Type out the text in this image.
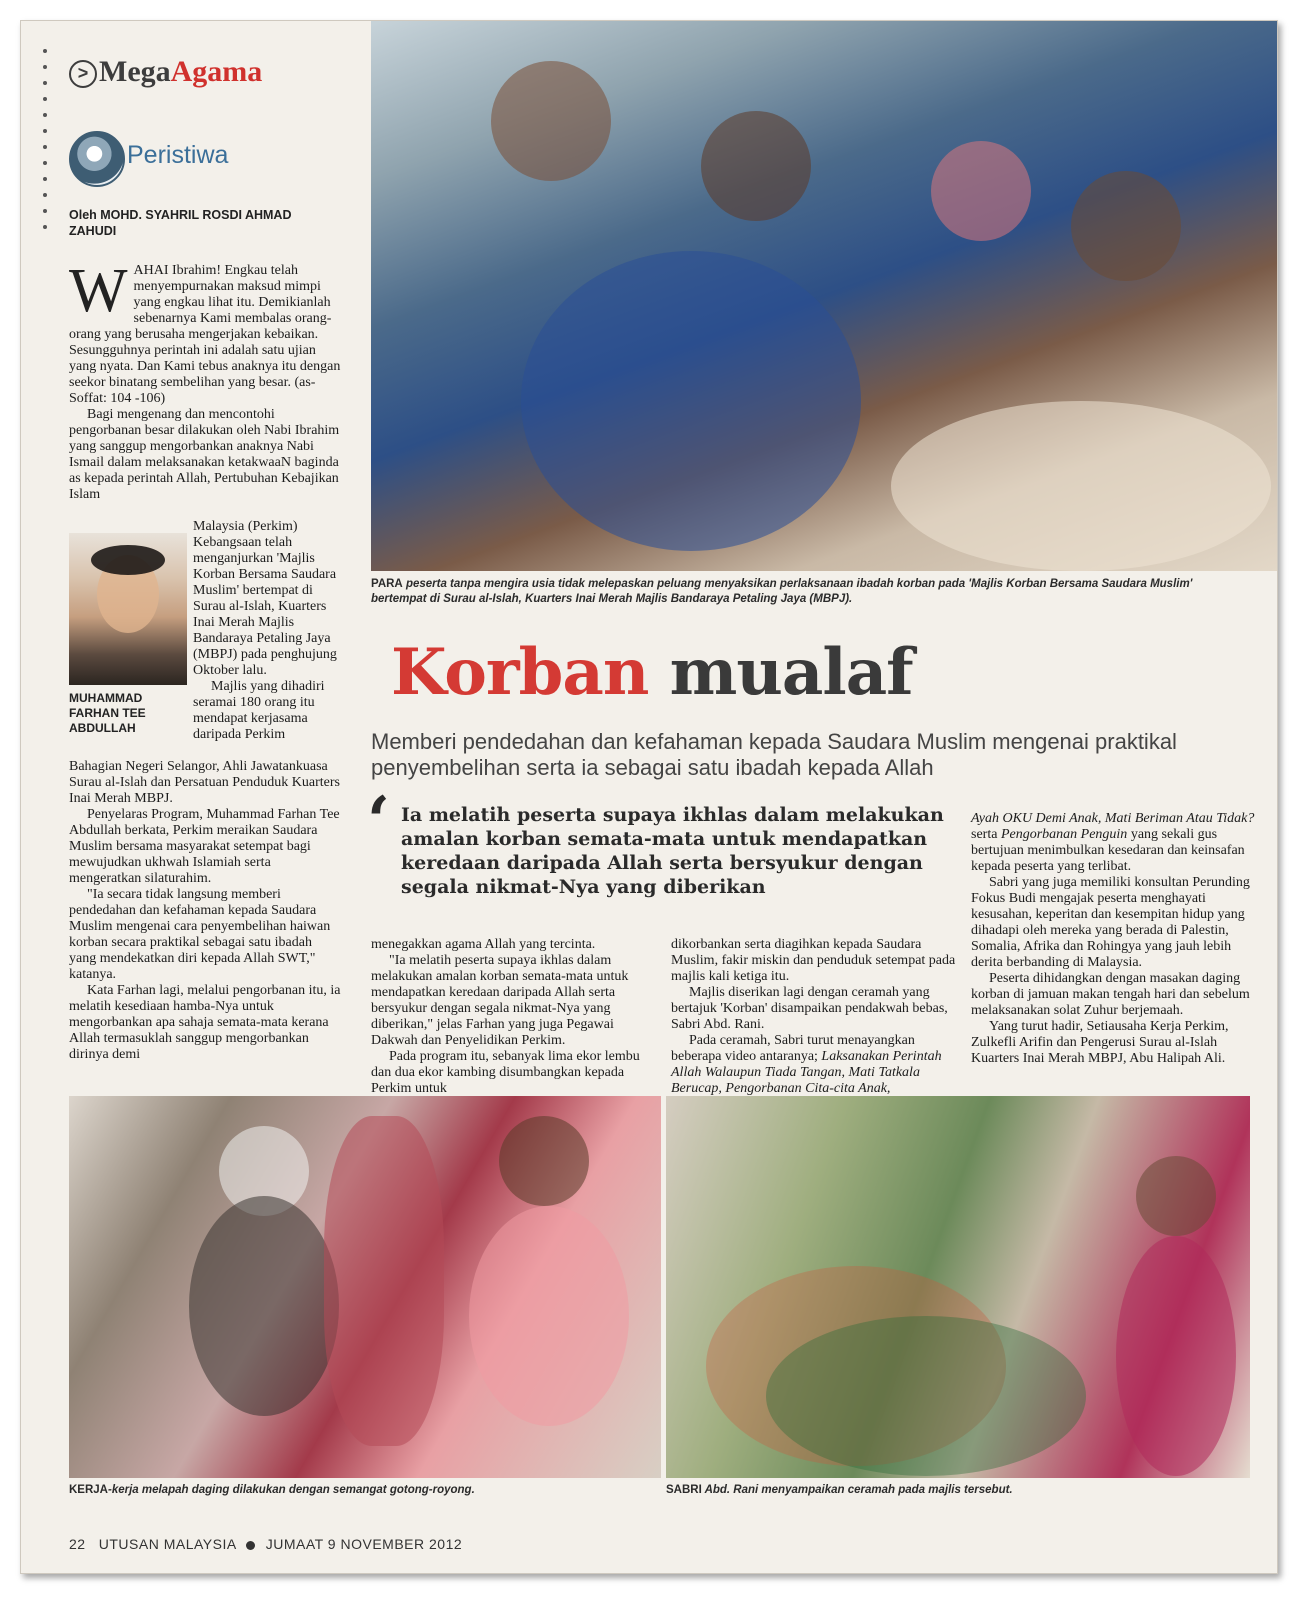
> MegaAgama
Peristiwa
Oleh MOHD. SYAHRIL ROSDI AHMAD ZAHUDI
PARA peserta tanpa mengira usia tidak melepaskan peluang menyaksikan perlaksanaan ibadah korban pada 'Majlis Korban Bersama Saudara Muslim' bertempat di Surau al-Islah, Kuarters Inai Merah Majlis Bandaraya Petaling Jaya (MBPJ).
W AHAI Ibrahim! Engkau telah menyempurnakan maksud mimpi yang engkau lihat itu. Demikianlah sebenarnya Kami membalas orang-orang yang berusaha mengerjakan kebaikan. Sesungguhnya perintah ini adalah satu ujian yang nyata. Dan Kami tebus anaknya itu dengan seekor binatang sembelihan yang besar. (as-Soffat: 104 -106)

Bagi mengenang dan mencontohi pengorbanan besar dilakukan oleh Nabi Ibrahim yang sanggup mengorbankan anaknya Nabi Ismail dalam melaksanakan ketakwaaN baginda as kepada perintah Allah, Pertubuhan Kebajikan Islam

MUHAMMAD FARHAN TEE ABDULLAH
Malaysia (Perkim) Kebangsaan telah menganjurkan 'Majlis Korban Bersama Saudara Muslim' bertempat di Surau al-Islah, Kuarters Inai Merah Majlis Bandaraya Petaling Jaya (MBPJ) pada penghujung Oktober lalu.

Majlis yang dihadiri seramai 180 orang itu mendapat kerjasama daripada Perkim

Bahagian Negeri Selangor, Ahli Jawatankuasa Surau al-Islah dan Persatuan Penduduk Kuarters Inai Merah MBPJ.

Penyelaras Program, Muhammad Farhan Tee Abdullah berkata, Perkim meraikan Saudara Muslim bersama masyarakat setempat bagi mewujudkan ukhwah Islamiah serta mengeratkan silaturahim.

"Ia secara tidak langsung memberi pendedahan dan kefahaman kepada Saudara Muslim mengenai cara penyembelihan haiwan korban secara praktikal sebagai satu ibadah yang mendekatkan diri kepada Allah SWT," katanya.

Kata Farhan lagi, melalui pengorbanan itu, ia melatih kesediaan hamba-Nya untuk mengorbankan apa sahaja semata-mata kerana Allah termasuklah sanggup mengorbankan dirinya demi

Korban mualaf
Memberi pendedahan dan kefahaman kepada Saudara Muslim mengenai praktikal penyembelihan serta ia sebagai satu ibadah kepada Allah
‘ Ia melatih peserta supaya ikhlas dalam melakukan amalan korban semata-mata untuk mendapatkan keredaan daripada Allah serta bersyukur dengan segala nikmat-Nya yang diberikan
menegakkan agama Allah yang tercinta.

"Ia melatih peserta supaya ikhlas dalam melakukan amalan korban semata-mata untuk mendapatkan keredaan daripada Allah serta bersyukur dengan segala nikmat-Nya yang diberikan," jelas Farhan yang juga Pegawai Dakwah dan Penyelidikan Perkim.

Pada program itu, sebanyak lima ekor lembu dan dua ekor kambing disumbangkan kepada Perkim untuk

dikorbankan serta diagihkan kepada Saudara Muslim, fakir miskin dan penduduk setempat pada majlis kali ketiga itu.

Majlis diserikan lagi dengan ceramah yang bertajuk 'Korban' disampaikan pendakwah bebas, Sabri Abd. Rani.

Pada ceramah, Sabri turut menayangkan beberapa video antaranya; Laksanakan Perintah Allah Walaupun Tiada Tangan, Mati Tatkala Berucap, Pengorbanan Cita-cita Anak,

Ayah OKU Demi Anak, Mati Beriman Atau Tidak? serta Pengorbanan Penguin yang sekali gus bertujuan menimbulkan kesedaran dan keinsafan kepada peserta yang terlibat.

Sabri yang juga memiliki konsultan Perunding Fokus Budi mengajak peserta menghayati kesusahan, keperitan dan kesempitan hidup yang dihadapi oleh mereka yang berada di Palestin, Somalia, Afrika dan Rohingya yang jauh lebih derita berbanding di Malaysia.

Peserta dihidangkan dengan masakan daging korban di jamuan makan tengah hari dan sebelum melaksanakan solat Zuhur berjemaah.

Yang turut hadir, Setiausaha Kerja Perkim, Zulkefli Arifin dan Pengerusi Surau al-Islah Kuarters Inai Merah MBPJ, Abu Halipah Ali.

KERJA-kerja melapah daging dilakukan dengan semangat gotong-royong.	SABRI Abd. Rani menyampaikan ceramah pada majlis tersebut.
22 UTUSAN MALAYSIA JUMAAT 9 NOVEMBER 2012
